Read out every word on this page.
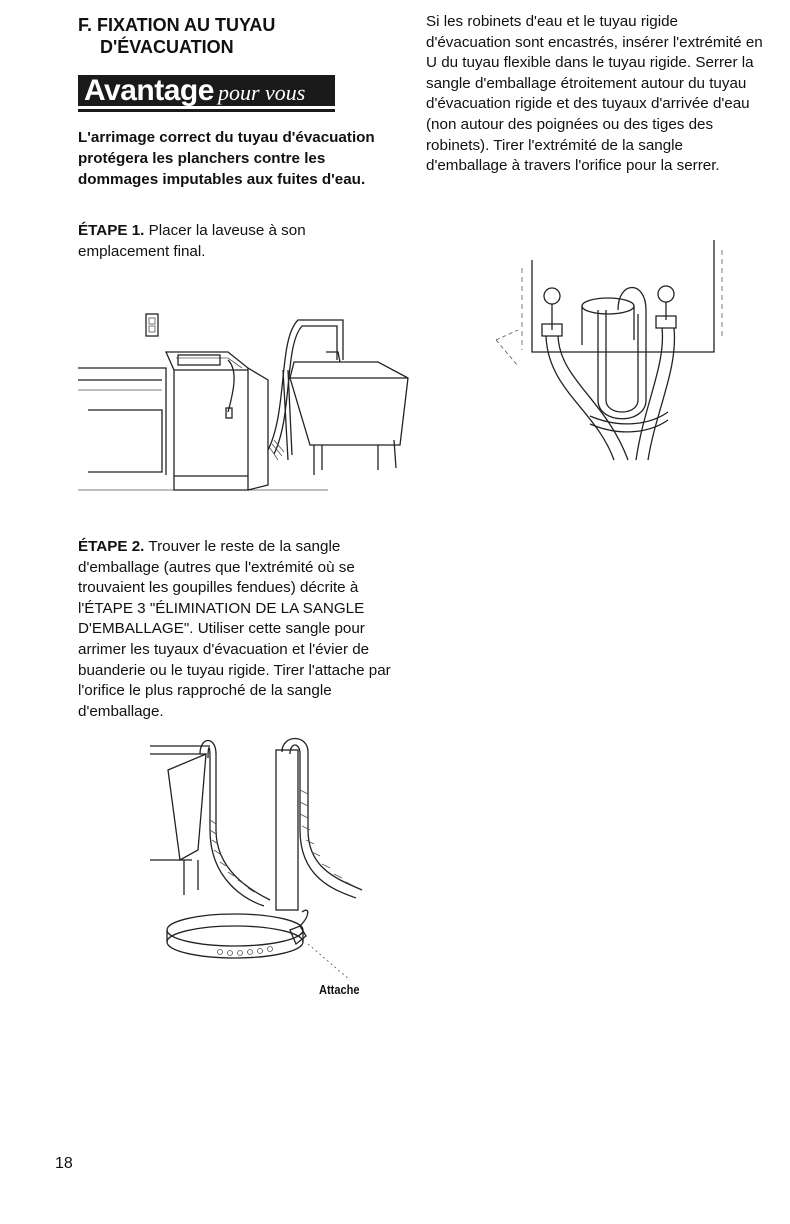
F. FIXATION AU TUYAU
D'ÉVACUATION
Avantage pour vous
L'arrimage correct du tuyau d'évacuation protégera les planchers contre les dommages imputables aux fuites d'eau.
ÉTAPE 1. Placer la laveuse à son emplacement final.
Si les robinets d'eau et le tuyau rigide d'évacuation sont encastrés, insérer l'extrémité en U du tuyau flexible dans le tuyau rigide. Serrer la sangle d'emballage étroitement autour du tuyau d'évacuation rigide et des tuyaux d'arrivée d'eau (non autour des poignées ou des tiges des robinets). Tirer l'extrémité de la sangle d'emballage à travers l'orifice pour la serrer.
ÉTAPE 2. Trouver le reste de la sangle d'emballage (autres que l'extrémité où se trouvaient les goupilles fendues) décrite à l'ÉTAPE 3 "ÉLIMINATION DE LA SANGLE D'EMBALLAGE". Utiliser cette sangle pour arrimer les tuyaux d'évacuation et l'évier de buanderie ou le tuyau rigide. Tirer l'attache par l'orifice le plus rapproché de la sangle d'emballage.
Attache
18
